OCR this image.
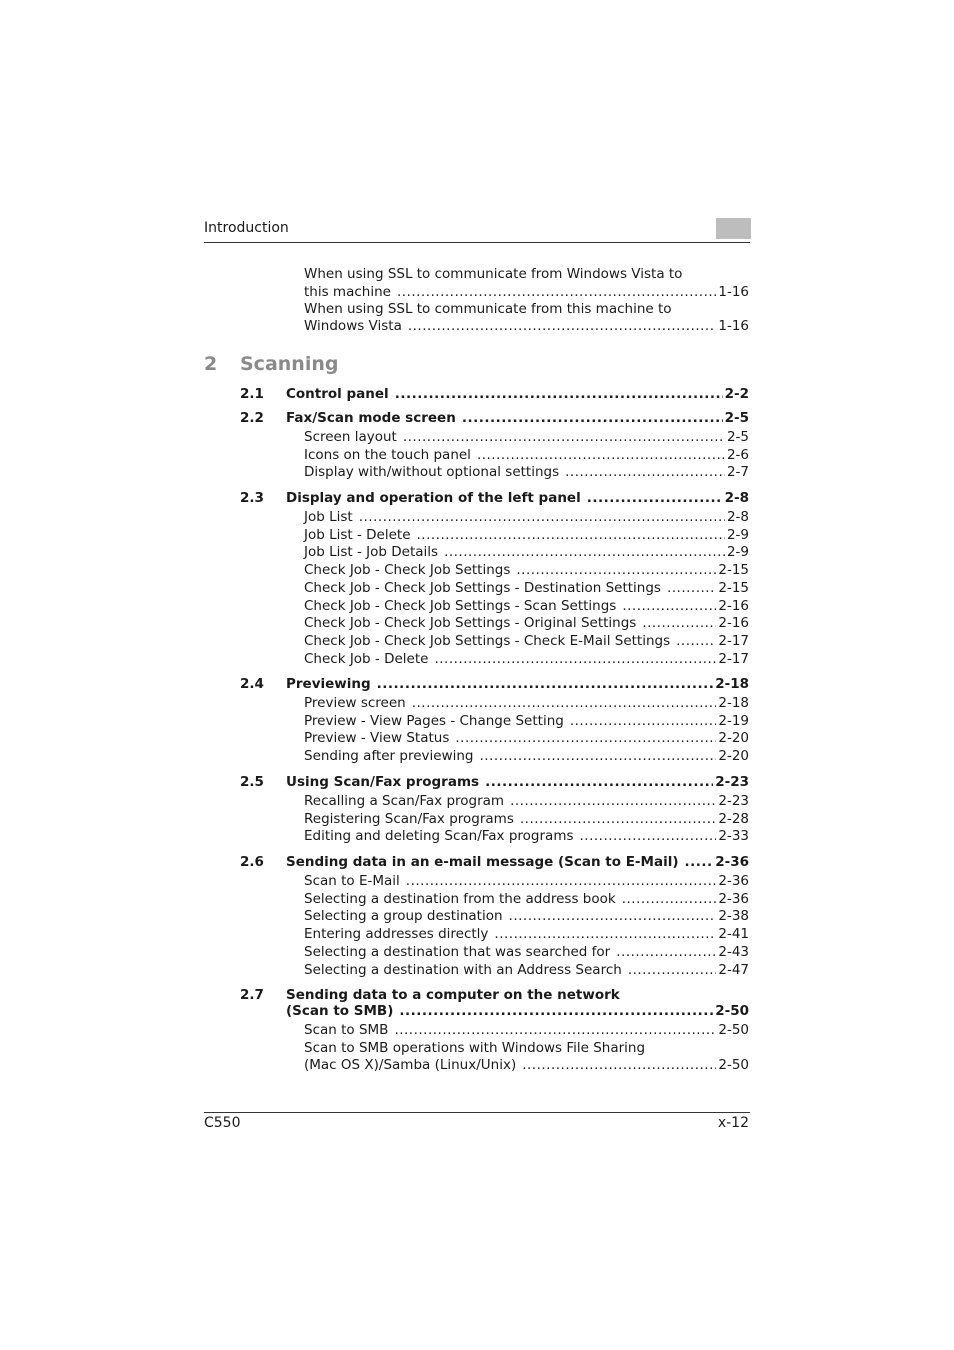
Introduction
When using SSL to communicate from Windows Vista to
this machine .....	1-16
When using SSL to communicate from this machine to
Windows Vista .....	1-16
2 Scanning
2.1 Control panel .....	2-2
2.2 Fax/Scan mode screen .....	2-5
Screen layout .....	2-5
Icons on the touch panel .....	2-6
Display with/without optional settings .....	2-7
2.3 Display and operation of the left panel .....	2-8
Job List .....	2-8
Job List - Delete .....	2-9
Job List - Job Details .....	2-9
Check Job - Check Job Settings .....	2-15
Check Job - Check Job Settings - Destination Settings .....	2-15
Check Job - Check Job Settings - Scan Settings .....	2-16
Check Job - Check Job Settings - Original Settings .....	2-16
Check Job - Check Job Settings - Check E-Mail Settings .....	2-17
Check Job - Delete .....	2-17
2.4 Previewing .....	2-18
Preview screen .....	2-18
Preview - View Pages - Change Setting .....	2-19
Preview - View Status .....	2-20
Sending after previewing .....	2-20
2.5 Using Scan/Fax programs .....	2-23
Recalling a Scan/Fax program .....	2-23
Registering Scan/Fax programs .....	2-28
Editing and deleting Scan/Fax programs .....	2-33
2.6 Sending data in an e-mail message (Scan to E-Mail) .....	2-36
Scan to E-Mail .....	2-36
Selecting a destination from the address book .....	2-36
Selecting a group destination .....	2-38
Entering addresses directly .....	2-41
Selecting a destination that was searched for .....	2-43
Selecting a destination with an Address Search .....	2-47
2.7 Sending data to a computer on the network
(Scan to SMB) .....	2-50
Scan to SMB .....	2-50
Scan to SMB operations with Windows File Sharing
(Mac OS X)/Samba (Linux/Unix) .....	2-50
C550	x-12
